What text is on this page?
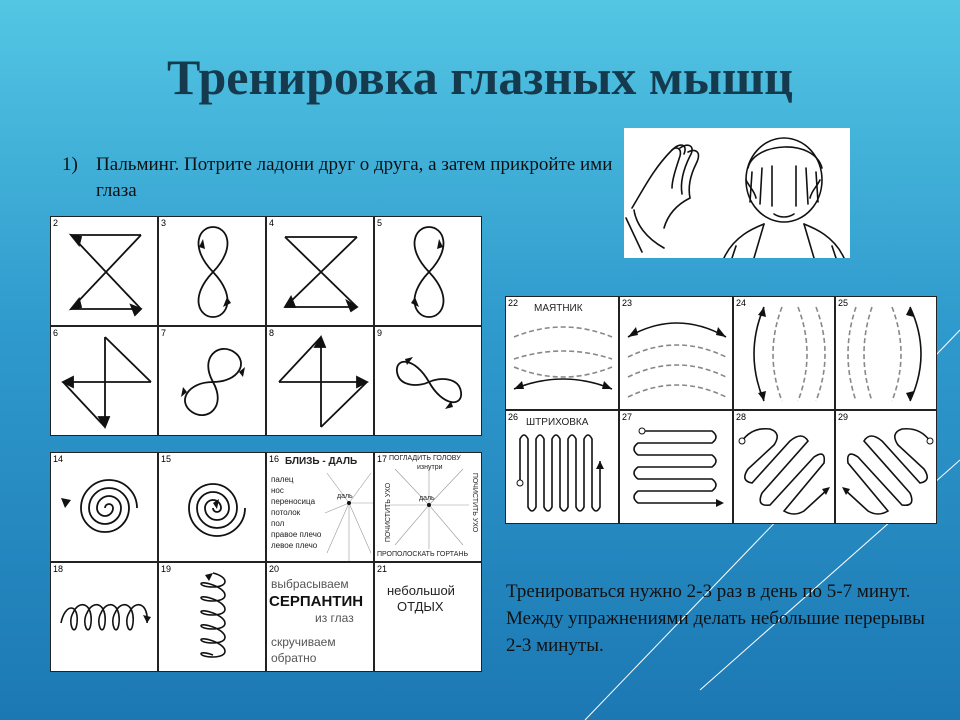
Тренировка глазных мышц
1) Пальминг. Потрите ладони друг о друга, а затем прикройте ими глаза
2	3	4	5
6	7	8	9
14	15	16 БЛИЗЬ - ДАЛЬ
палец
нос
переносица
потолок
пол
правое плечо
левое плечо
даль
17 ПОГЛАДИТЬ ГОЛОВУ
изнутри
ПОЧИСТИТЬ УХО	ПОЧИСТИТЬ УХО
даль
ПРОПОЛОСКАТЬ ГОРТАНЬ
18	19	20
выбрасываем
СЕРПАНТИН
из глаз
скручиваем
обратно
21
небольшой
ОТДЫХ
22 МАЯТНИК	23	24	25
26 ШТРИХОВКА	27	28	29
Тренироваться нужно 2-3 раз в день по 5-7 минут. Между упражнениями делать небольшие перерывы 2-3 минуты.
